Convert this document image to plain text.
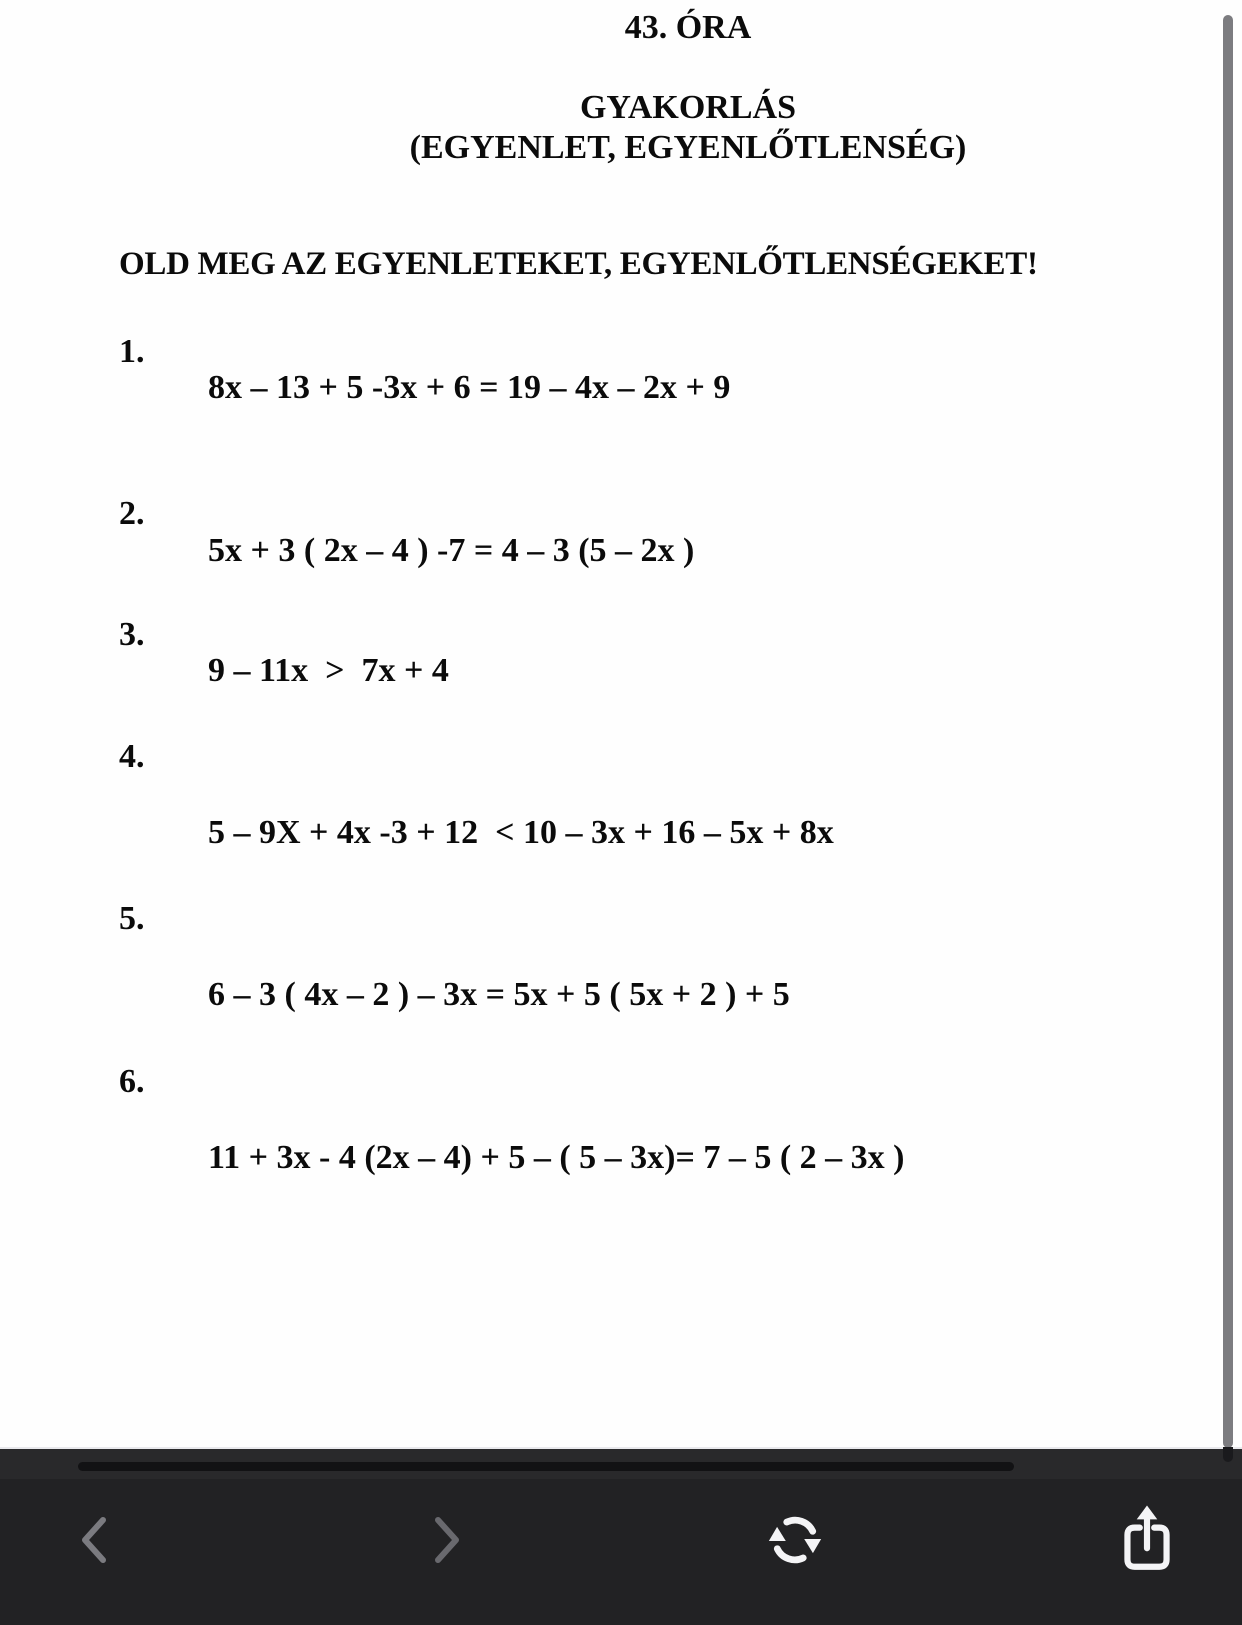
43. ÓRA
GYAKORLÁS
(EGYENLET, EGYENLŐTLENSÉG)
OLD MEG AZ EGYENLETEKET, EGYENLŐTLENSÉGEKET!
1.
8x – 13 + 5 -3x + 6 = 19 – 4x – 2x + 9
2.
5x + 3 ( 2x – 4 ) -7 = 4 – 3 (5 – 2x )
3.
9 – 11x  >  7x + 4
4.
5 – 9X + 4x -3 + 12  < 10 – 3x + 16 – 5x + 8x
5.
6 – 3 ( 4x – 2 ) – 3x = 5x + 5 ( 5x + 2 ) + 5
6.
11 + 3x - 4 (2x – 4) + 5 – ( 5 – 3x)= 7 – 5 ( 2 – 3x )
